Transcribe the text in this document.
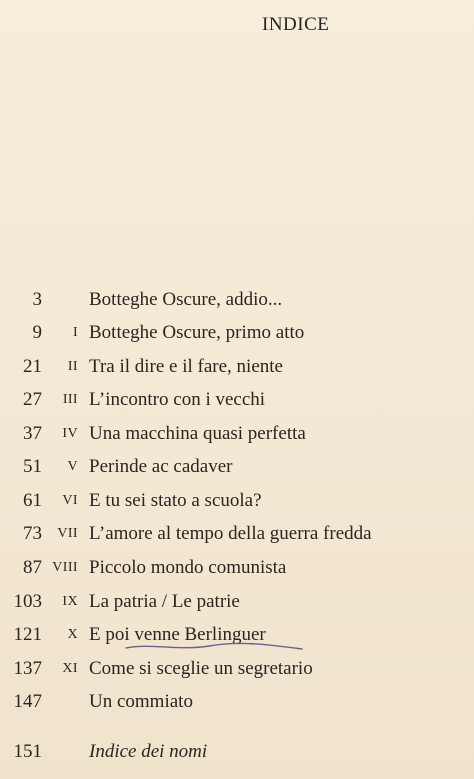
INDICE
3 Botteghe Oscure, addio...
9	I Botteghe Oscure, primo atto
21	II Tra il dire e il fare, niente
27	III L’incontro con i vecchi
37	IV Una macchina quasi perfetta
51	V Perinde ac cadaver
61	VI E tu sei stato a scuola?
73	VII L’amore al tempo della guerra fredda
87 VIII Piccolo mondo comunista
103	IX La patria / Le patrie
121	X E poi venne Berlinguer
137	XI Come si sceglie un segretario
147 Un commiato
151 Indice dei nomi
